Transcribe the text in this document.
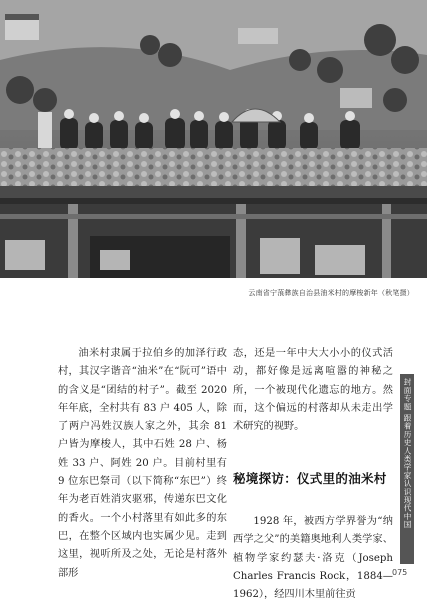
云南省宁蒗彝族自治县油米村的摩梭新年（秋笔摄）

油米村隶属于拉伯乡的加泽行政村，其汉字谐音“油米”在“阮可”语中的含义是“团结的村子”。截至 2020 年年底，全村共有 83 户 405 人，除了两户冯姓汉族人家之外，其余 81 户皆为摩梭人，其中石姓 28 户、杨姓 33 户、阿姓 20 户。目前村里有 9 位东巴祭司（以下简称“东巴”）终年为老百姓消灾驱邪，传递东巴文化的香火。一个小村落里有如此多的东巴，在整个区域内也实属少见。走到这里，视听所及之处，无论是村落外部形

态，还是一年中大大小小的仪式活动，都好像是远离喧嚣的神秘之所，一个被现代化遗忘的地方。然而，这个偏远的村落却从未走出学术研究的视野。

秘境探访：仪式里的油米村

1928 年，被西方学界誉为“纳西学之父”的美籍奥地利人类学家、植物学家约瑟夫·洛克（Joseph Charles Francis Rock，1884—1962），经四川木里前往贡

封面专题 跟着历史人类学家认识现代中国
075
